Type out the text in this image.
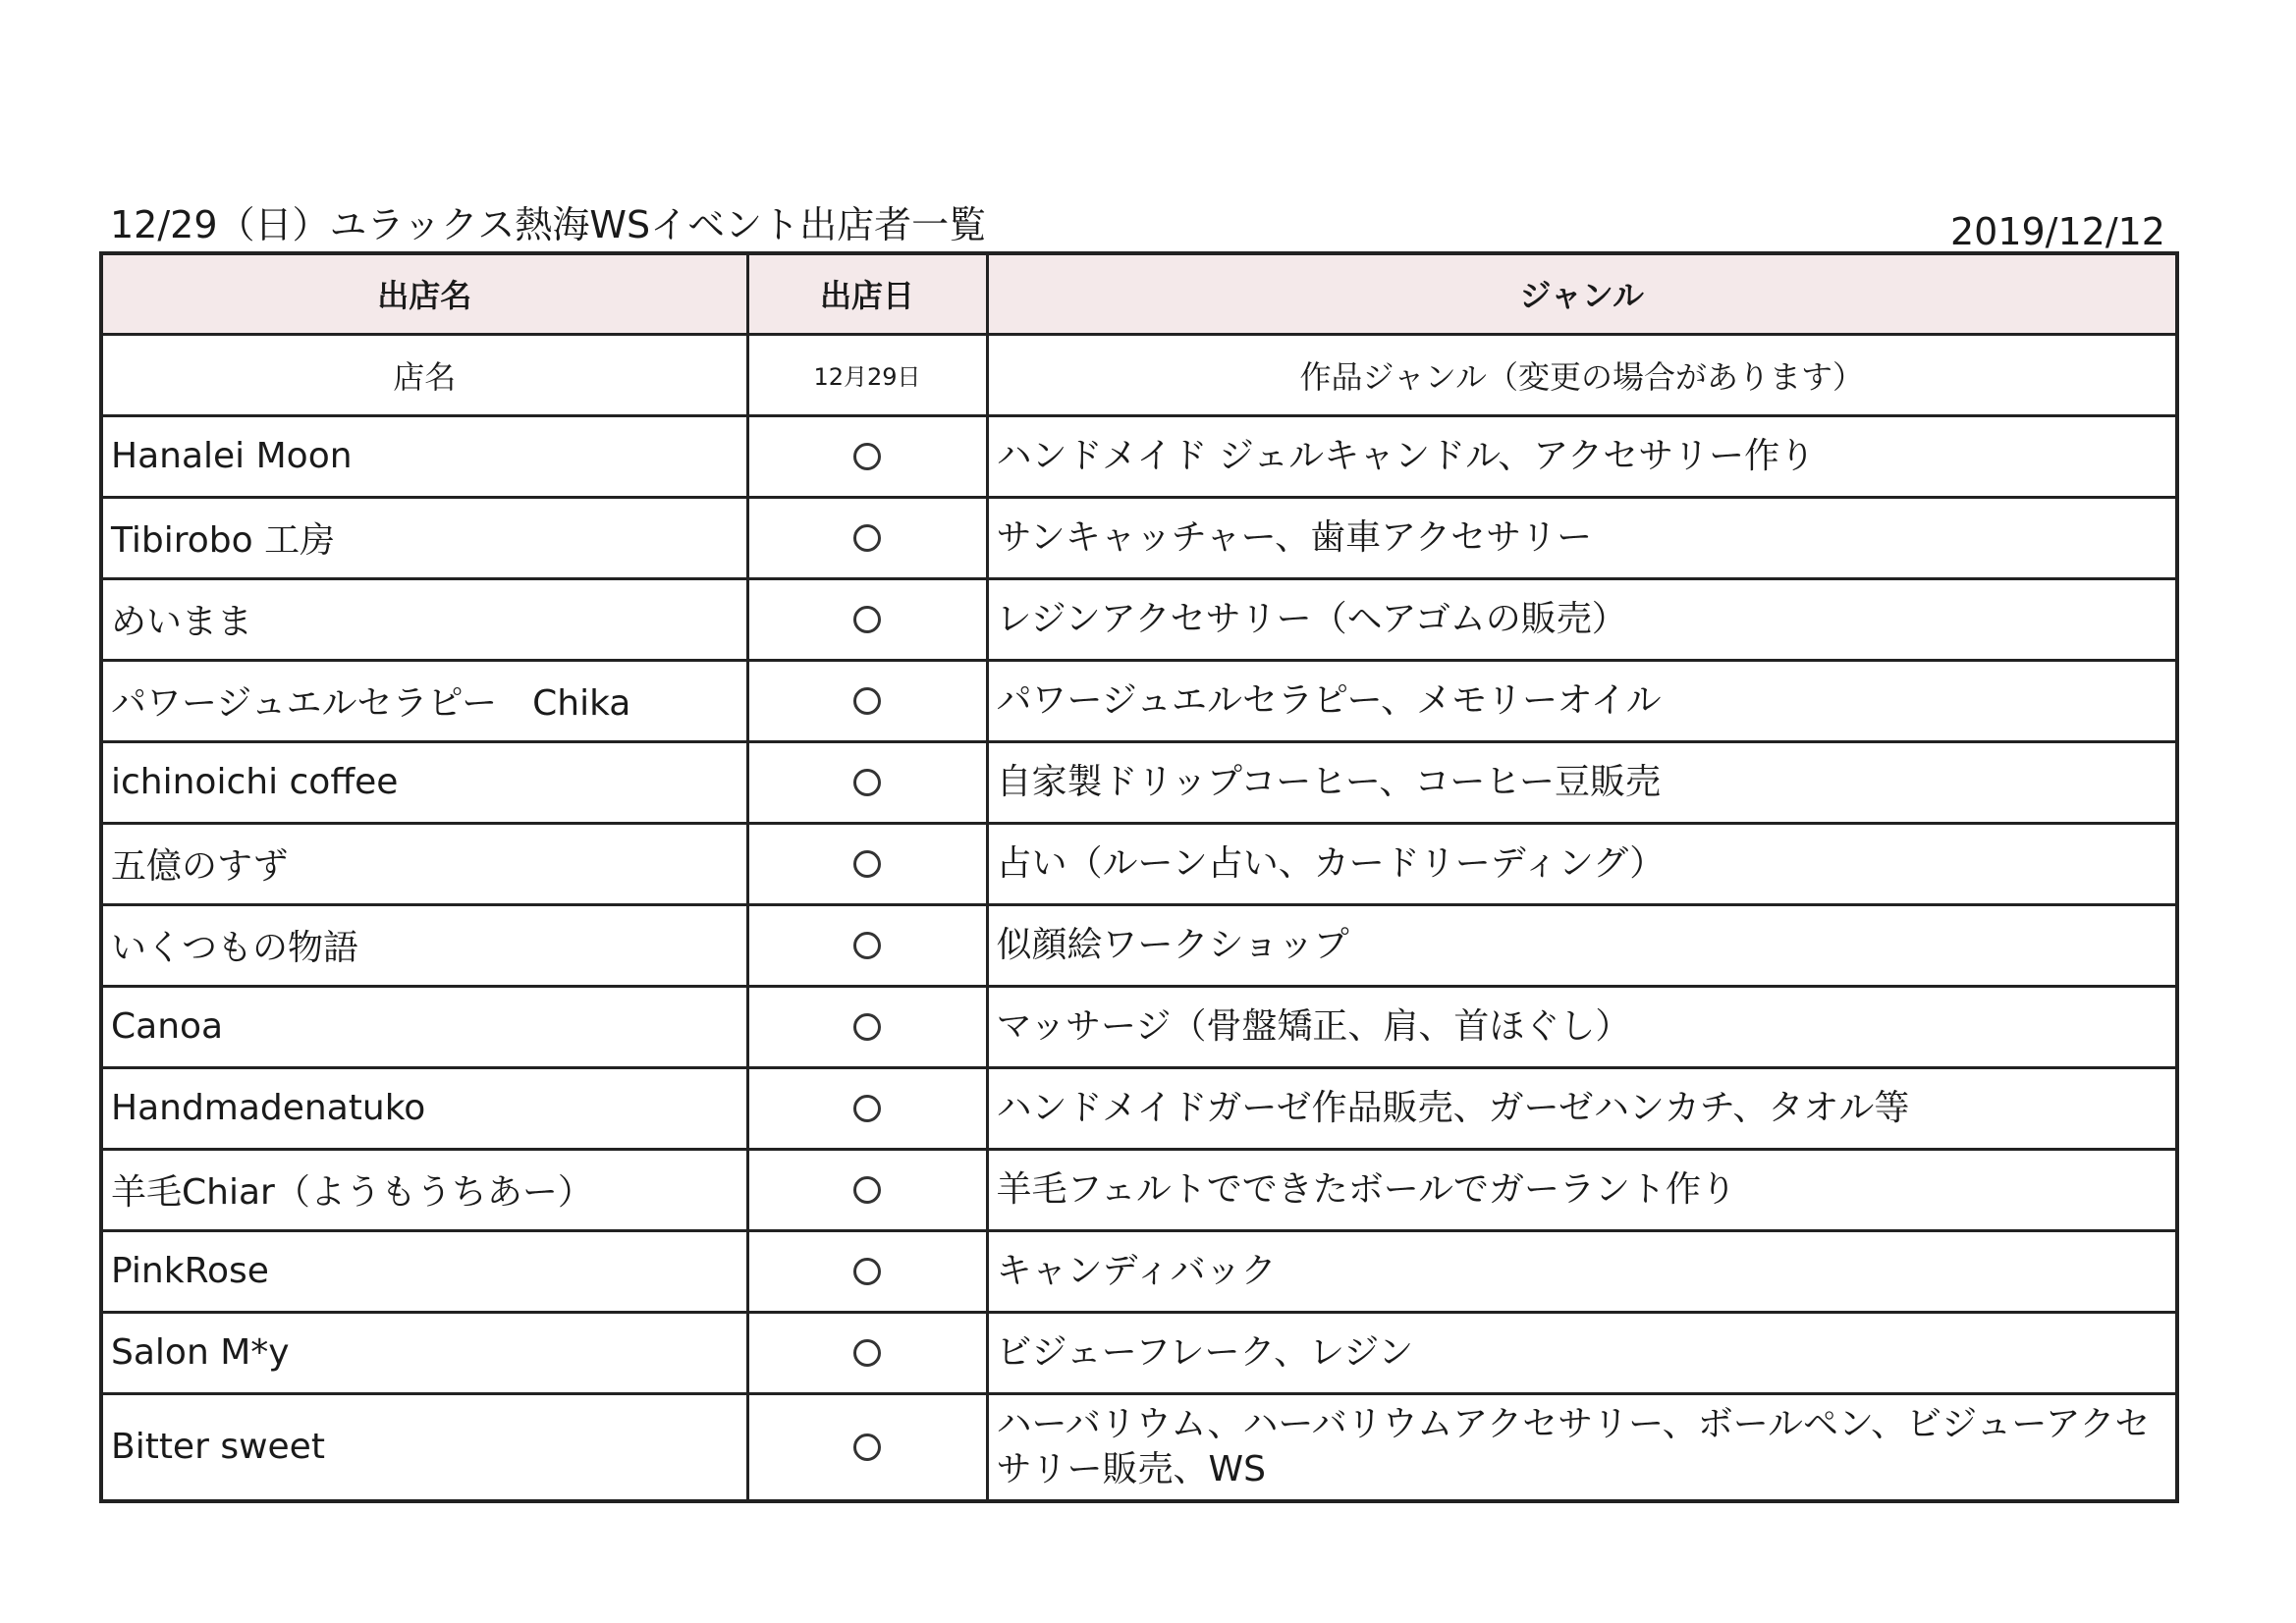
12/29（日）ユラックス熱海WSイベント出店者一覧	2019/12/12
出店名	出店日	ジャンル
店名	12月29日	作品ジャンル（変更の場合があります）
Hanalei Moon		ハンドメイド ジェルキャンドル、アクセサリー作り
Tibirobo 工房		サンキャッチャー、歯車アクセサリー
めいまま		レジンアクセサリー（ヘアゴムの販売）
パワージュエルセラピー　Chika		パワージュエルセラピー、メモリーオイル
ichinoichi coffee		自家製ドリップコーヒー、コーヒー豆販売
五億のすず		占い（ルーン占い、カードリーディング）
いくつもの物語		似顔絵ワークショップ
Canoa		マッサージ（骨盤矯正、肩、首ほぐし）
Handmadenatuko		ハンドメイドガーゼ作品販売、ガーゼハンカチ、タオル等
羊毛Chiar（ようもうちあー）		羊毛フェルトでできたボールでガーラント作り
PinkRose		キャンディバック
Salon M*y		ビジェーフレーク、レジン
Bitter sweet		ハーバリウム、ハーバリウムアクセサリー、ボールペン、ビジューアクセサリー販売、WS
